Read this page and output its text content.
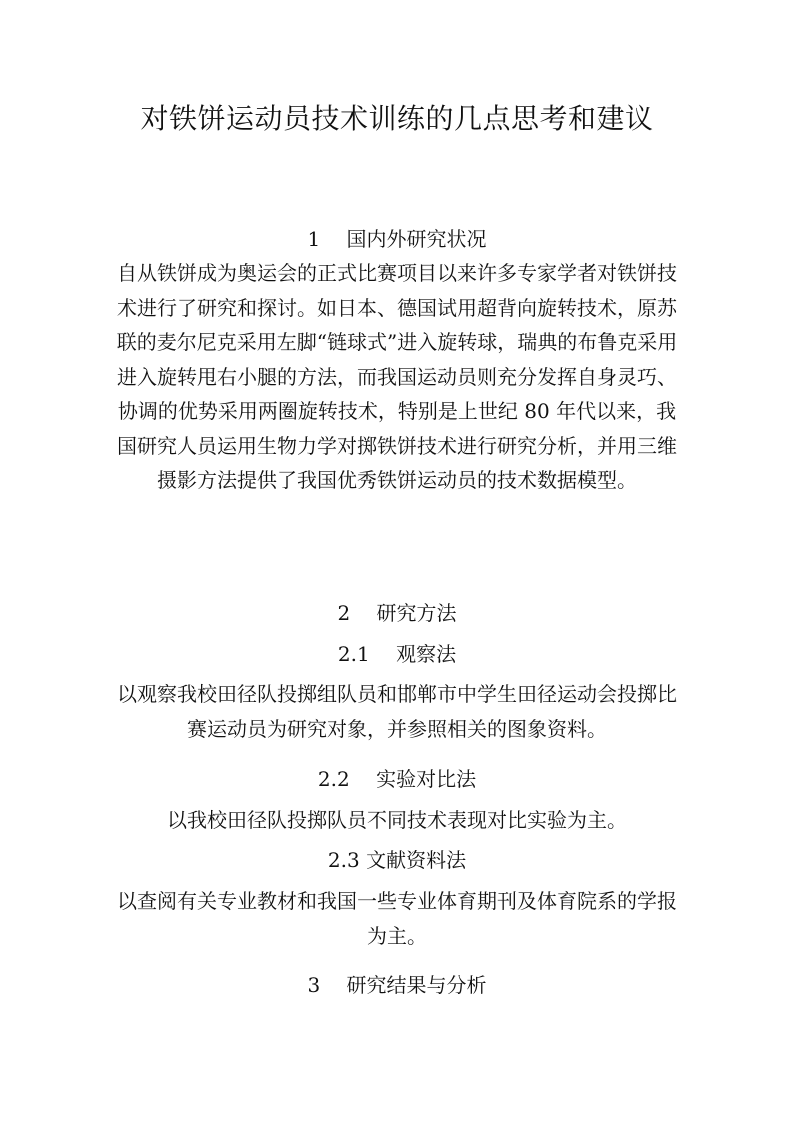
对铁饼运动员技术训练的几点思考和建议
1　 国内外研究状况

自从铁饼成为奥运会的正式比赛项目以来许多专家学者对铁饼技术进行了研究和探讨。如日本、德国试用超背向旋转技术，原苏联的麦尔尼克采用左脚“链球式”进入旋转球，瑞典的布鲁克采用进入旋转甩右小腿的方法，而我国运动员则充分发挥自身灵巧、协调的优势采用两圈旋转技术，特别是上世纪 80 年代以来，我国研究人员运用生物力学对掷铁饼技术进行研究分析，并用三维摄影方法提供了我国优秀铁饼运动员的技术数据模型。

2　 研究方法
2.1　 观察法

以观察我校田径队投掷组队员和邯郸市中学生田径运动会投掷比赛运动员为研究对象，并参照相关的图象资料。

2.2　 实验对比法

以我校田径队投掷队员不同技术表现对比实验为主。

2.3 文献资料法

以查阅有关专业教材和我国一些专业体育期刊及体育院系的学报为主。

3　 研究结果与分析
